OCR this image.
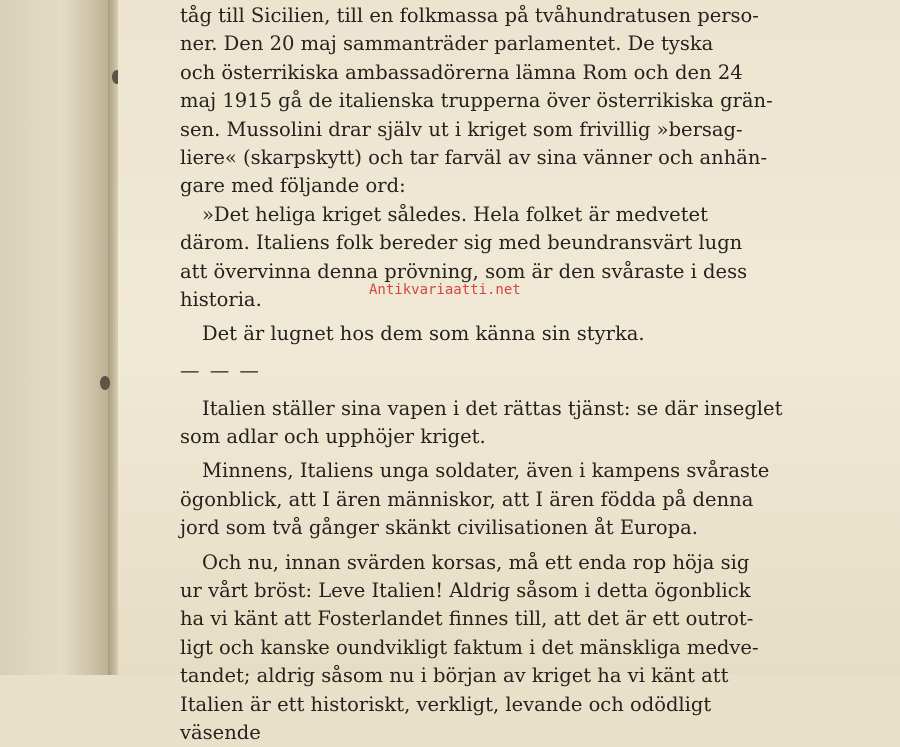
tåg till Sicilien, till en folkmassa på tvåhundratusen perso-
ner. Den 20 maj sammanträder parlamentet. De tyska
och österrikiska ambassadörerna lämna Rom och den 24
maj 1915 gå de italienska trupperna över österrikiska grän-
sen. Mussolini drar själv ut i kriget som frivillig »bersag-
liere« (skarpskytt) och tar farväl av sina vänner och anhän-
gare med följande ord:
»Det heliga kriget således. Hela folket är medvetet
därom. Italiens folk bereder sig med beundransvärt lugn
att övervinna denna prövning, som är den svåraste i dess
historia.
Det är lugnet hos dem som känna sin styrka.
— — —
Italien ställer sina vapen i det rättas tjänst: se där inseglet
som adlar och upphöjer kriget.
Minnens, Italiens unga soldater, även i kampens svåraste
ögonblick, att I ären människor, att I ären födda på denna
jord som två gånger skänkt civilisationen åt Europa.
Och nu, innan svärden korsas, må ett enda rop höja sig
ur vårt bröst: Leve Italien! Aldrig såsom i detta ögonblick
ha vi känt att Fosterlandet finnes till, att det är ett outrot-
ligt och kanske oundvikligt faktum i det mänskliga medve-
tandet; aldrig såsom nu i början av kriget ha vi känt att
Italien är ett historiskt, verkligt, levande och odödligt
väsende
Antikvariaatti.net
